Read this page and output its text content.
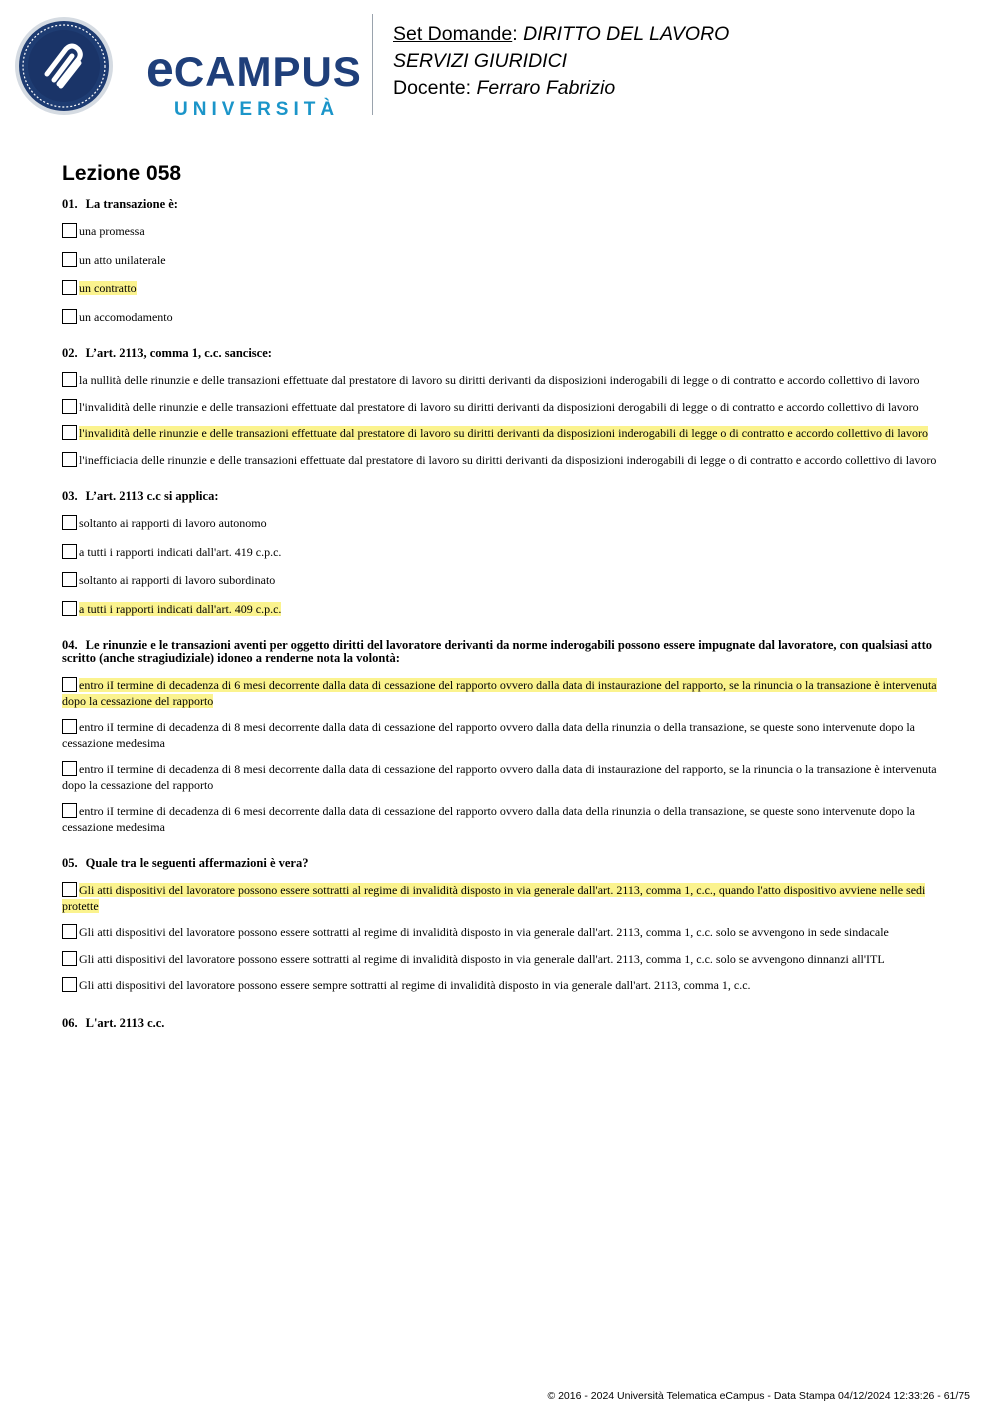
eCAMPUS
UNIVERSITÀ
Set Domande: DIRITTO DEL LAVORO
SERVIZI GIURIDICI
Docente: Ferraro Fabrizio
Lezione 058
01. La transazione è:
una promessa
un atto unilaterale
un contratto
un accomodamento
02. L’art. 2113, comma 1, c.c. sancisce:
la nullità delle rinunzie e delle transazioni effettuate dal prestatore di lavoro su diritti derivanti da disposizioni inderogabili di legge o di contratto e accordo collettivo di lavoro
l'invalidità delle rinunzie e delle transazioni effettuate dal prestatore di lavoro su diritti derivanti da disposizioni derogabili di legge o di contratto e accordo collettivo di lavoro
l'invalidità delle rinunzie e delle transazioni effettuate dal prestatore di lavoro su diritti derivanti da disposizioni inderogabili di legge o di contratto e accordo collettivo di lavoro
l'inefficiacia delle rinunzie e delle transazioni effettuate dal prestatore di lavoro su diritti derivanti da disposizioni inderogabili di legge o di contratto e accordo collettivo di lavoro
03. L’art. 2113 c.c si applica:
soltanto ai rapporti di lavoro autonomo
a tutti i rapporti indicati dall'art. 419 c.p.c.
soltanto ai rapporti di lavoro subordinato
a tutti i rapporti indicati dall'art. 409 c.p.c.
04. Le rinunzie e le transazioni aventi per oggetto diritti del lavoratore derivanti da norme inderogabili possono essere impugnate dal lavoratore, con qualsiasi atto scritto (anche stragiudiziale) idoneo a renderne nota la volontà:
entro iI termine di decadenza di 6 mesi decorrente dalla data di cessazione del rapporto ovvero dalla data di instaurazione del rapporto, se la rinuncia o la transazione è intervenuta dopo la cessazione del rapporto
entro iI termine di decadenza di 8 mesi decorrente dalla data di cessazione del rapporto ovvero dalla data della rinunzia o della transazione, se queste sono intervenute dopo la cessazione medesima
entro iI termine di decadenza di 8 mesi decorrente dalla data di cessazione del rapporto ovvero dalla data di instaurazione del rapporto, se la rinuncia o la transazione è intervenuta dopo la cessazione del rapporto
entro iI termine di decadenza di 6 mesi decorrente dalla data di cessazione del rapporto ovvero dalla data della rinunzia o della transazione, se queste sono intervenute dopo la cessazione medesima
05. Quale tra le seguenti affermazioni è vera?
Gli atti dispositivi del lavoratore possono essere sottratti al regime di invalidità disposto in via generale dall'art. 2113, comma 1, c.c., quando l'atto dispositivo avviene nelle sedi protette
Gli atti dispositivi del lavoratore possono essere sottratti al regime di invalidità disposto in via generale dall'art. 2113, comma 1, c.c. solo se avvengono in sede sindacale
Gli atti dispositivi del lavoratore possono essere sottratti al regime di invalidità disposto in via generale dall'art. 2113, comma 1, c.c. solo se avvengono dinnanzi all'ITL
Gli atti dispositivi del lavoratore possono essere sempre sottratti al regime di invalidità disposto in via generale dall'art. 2113, comma 1, c.c.
06. L'art. 2113 c.c.
© 2016 - 2024 Università Telematica eCampus - Data Stampa 04/12/2024 12:33:26 - 61/75
